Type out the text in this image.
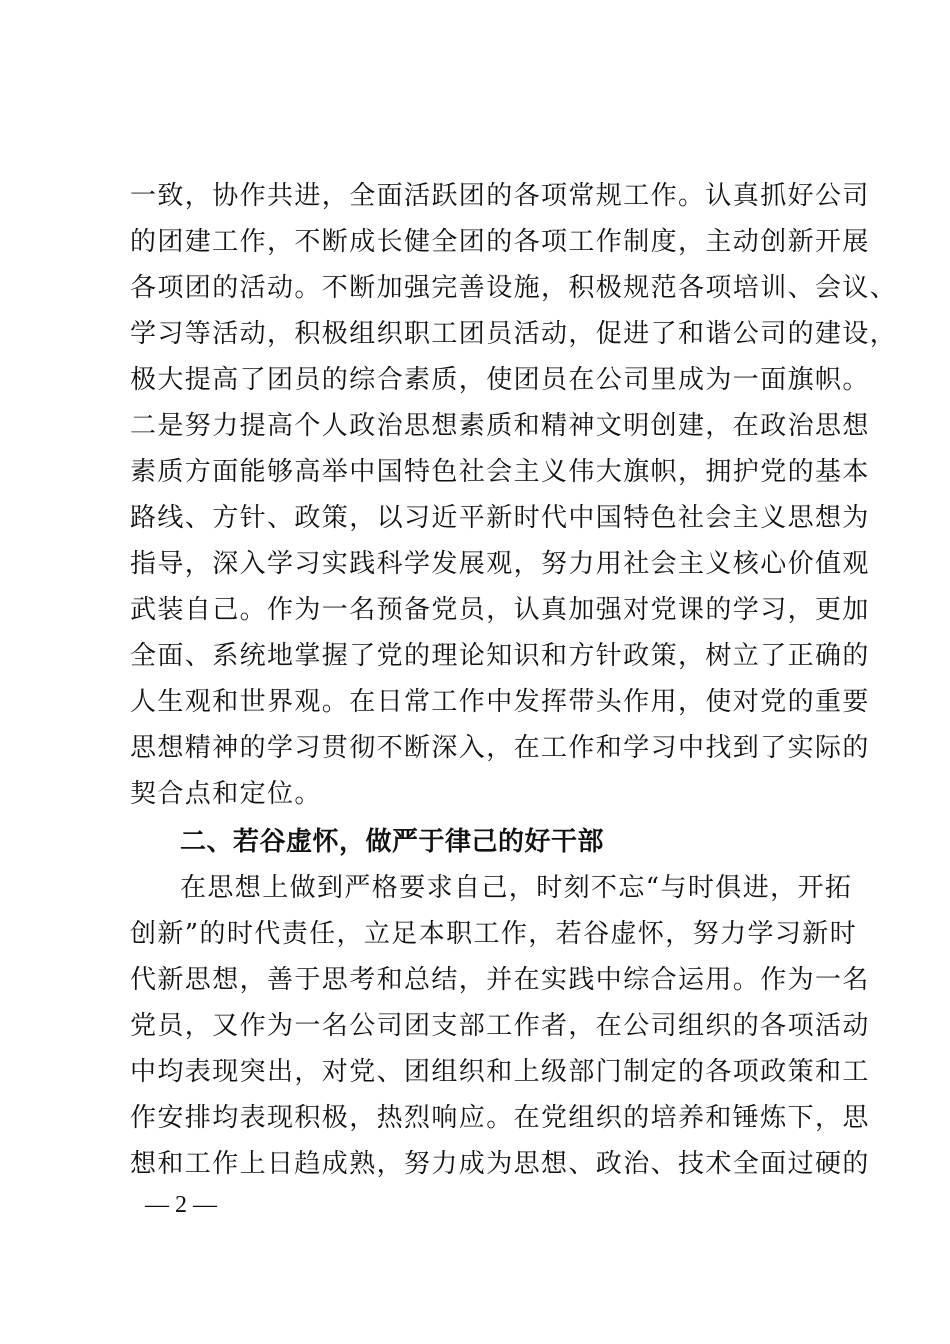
一致，协作共进，全面活跃团的各项常规工作。认真抓好公司
的团建工作，不断成长健全团的各项工作制度，主动创新开展
各项团的活动。不断加强完善设施，积极规范各项培训、会议、
学习等活动，积极组织职工团员活动，促进了和谐公司的建设，
极大提高了团员的综合素质，使团员在公司里成为一面旗帜。
二是努力提高个人政治思想素质和精神文明创建，在政治思想
素质方面能够高举中国特色社会主义伟大旗帜，拥护党的基本
路线、方针、政策，以习近平新时代中国特色社会主义思想为
指导，深入学习实践科学发展观，努力用社会主义核心价值观
武装自己。作为一名预备党员，认真加强对党课的学习，更加
全面、系统地掌握了党的理论知识和方针政策，树立了正确的
人生观和世界观。在日常工作中发挥带头作用，使对党的重要
思想精神的学习贯彻不断深入，在工作和学习中找到了实际的
契合点和定位。
二、若谷虚怀，做严于律己的好干部
在思想上做到严格要求自己，时刻不忘“与时俱进，开拓
创新”的时代责任，立足本职工作，若谷虚怀，努力学习新时
代新思想，善于思考和总结，并在实践中综合运用。作为一名
党员，又作为一名公司团支部工作者，在公司组织的各项活动
中均表现突出，对党、团组织和上级部门制定的各项政策和工
作安排均表现积极，热烈响应。在党组织的培养和锤炼下，思
想和工作上日趋成熟，努力成为思想、政治、技术全面过硬的
— 2 —
